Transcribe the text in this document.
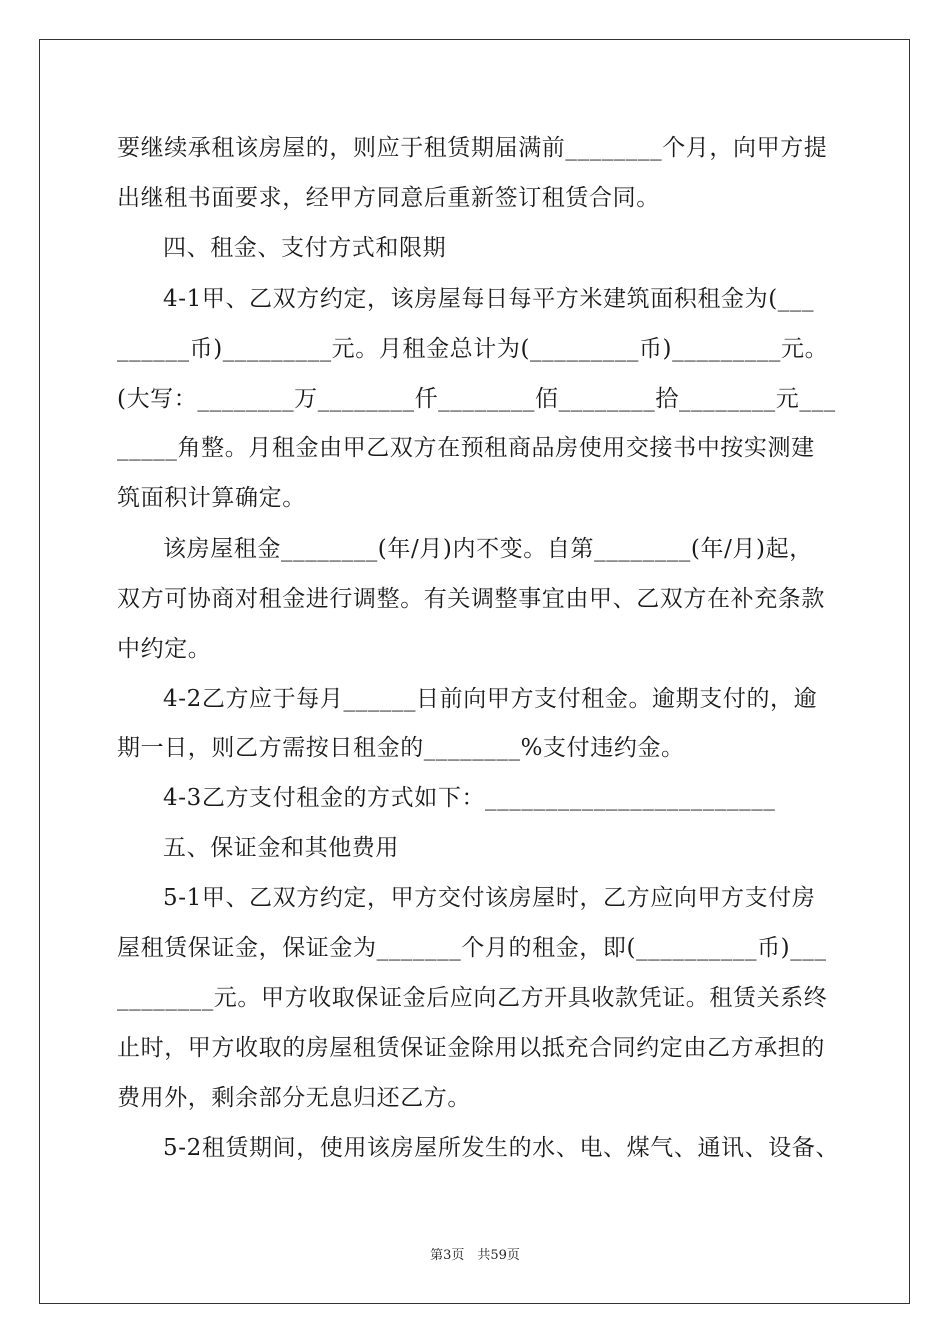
要继续承租该房屋的，则应于租赁期届满前________个月，向甲方提
出继租书面要求，经甲方同意后重新签订租赁合同。
四、租金、支付方式和限期
4-1甲、乙双方约定，该房屋每日每平方米建筑面积租金为(___
______币)_________元。月租金总计为(_________币)_________元。
(大写：________万________仟________佰________拾________元___
_____角整。月租金由甲乙双方在预租商品房使用交接书中按实测建
筑面积计算确定。
该房屋租金________(年/月)内不变。自第________(年/月)起，
双方可协商对租金进行调整。有关调整事宜由甲、乙双方在补充条款
中约定。
4-2乙方应于每月______日前向甲方支付租金。逾期支付的，逾
期一日，则乙方需按日租金的________%支付违约金。
4-3乙方支付租金的方式如下：________________________
五、保证金和其他费用
5-1甲、乙双方约定，甲方交付该房屋时，乙方应向甲方支付房
屋租赁保证金，保证金为_______个月的租金，即(__________币)___
________元。甲方收取保证金后应向乙方开具收款凭证。租赁关系终
止时，甲方收取的房屋租赁保证金除用以抵充合同约定由乙方承担的
费用外，剩余部分无息归还乙方。
5-2租赁期间，使用该房屋所发生的水、电、煤气、通讯、设备、
第3页　共59页
